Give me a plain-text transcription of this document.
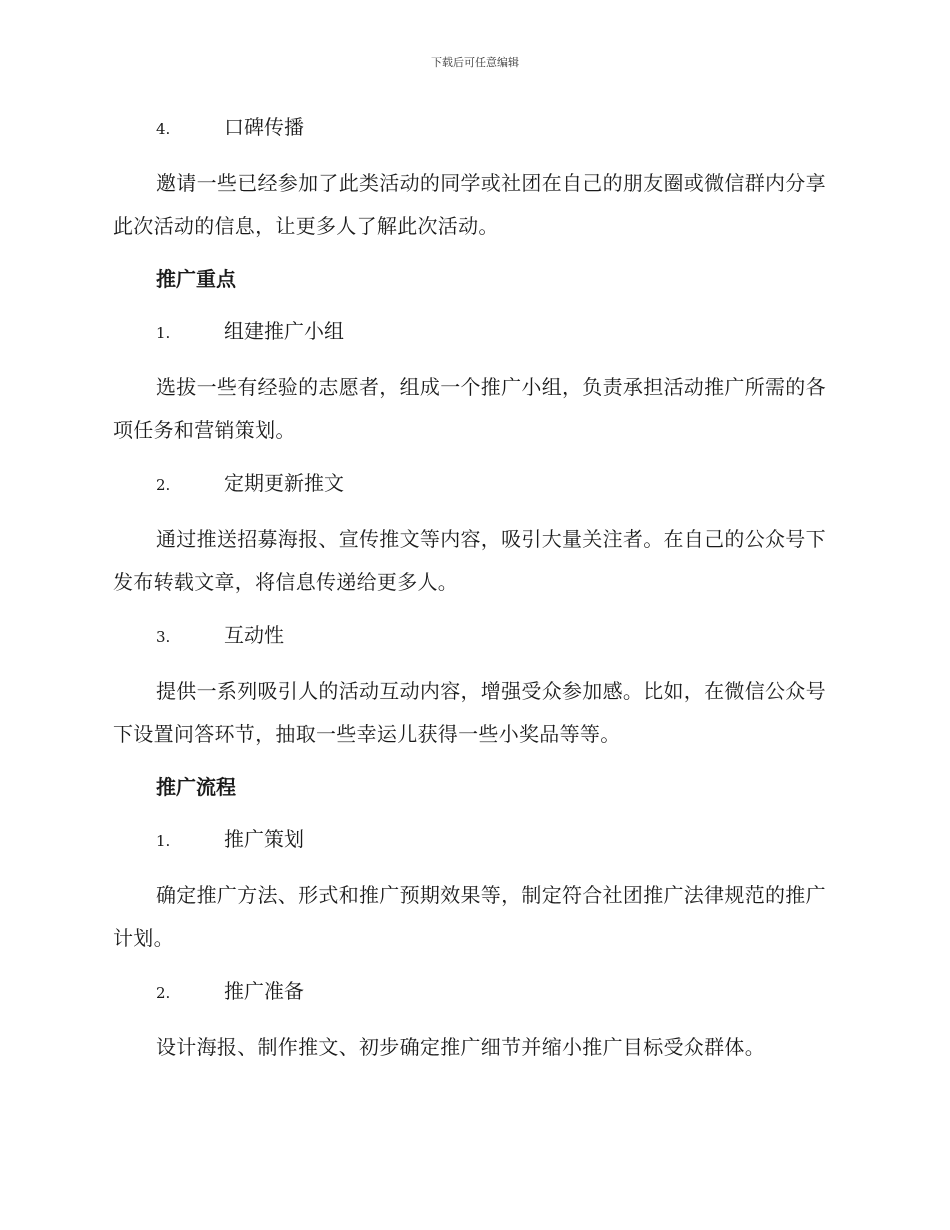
下载后可任意编辑
4.	口碑传播

邀请一些已经参加了此类活动的同学或社团在自己的朋友圈或微信群内分享此次活动的信息，让更多人了解此次活动。

推广重点
1.	组建推广小组

选拔一些有经验的志愿者，组成一个推广小组，负责承担活动推广所需的各项任务和营销策划。

2.	定期更新推文

通过推送招募海报、宣传推文等内容，吸引大量关注者。在自己的公众号下发布转载文章，将信息传递给更多人。

3.	互动性

提供一系列吸引人的活动互动内容，增强受众参加感。比如，在微信公众号下设置问答环节，抽取一些幸运儿获得一些小奖品等等。

推广流程
1.	推广策划

确定推广方法、形式和推广预期效果等，制定符合社团推广法律规范的推广计划。

2.	推广准备

设计海报、制作推文、初步确定推广细节并缩小推广目标受众群体。
